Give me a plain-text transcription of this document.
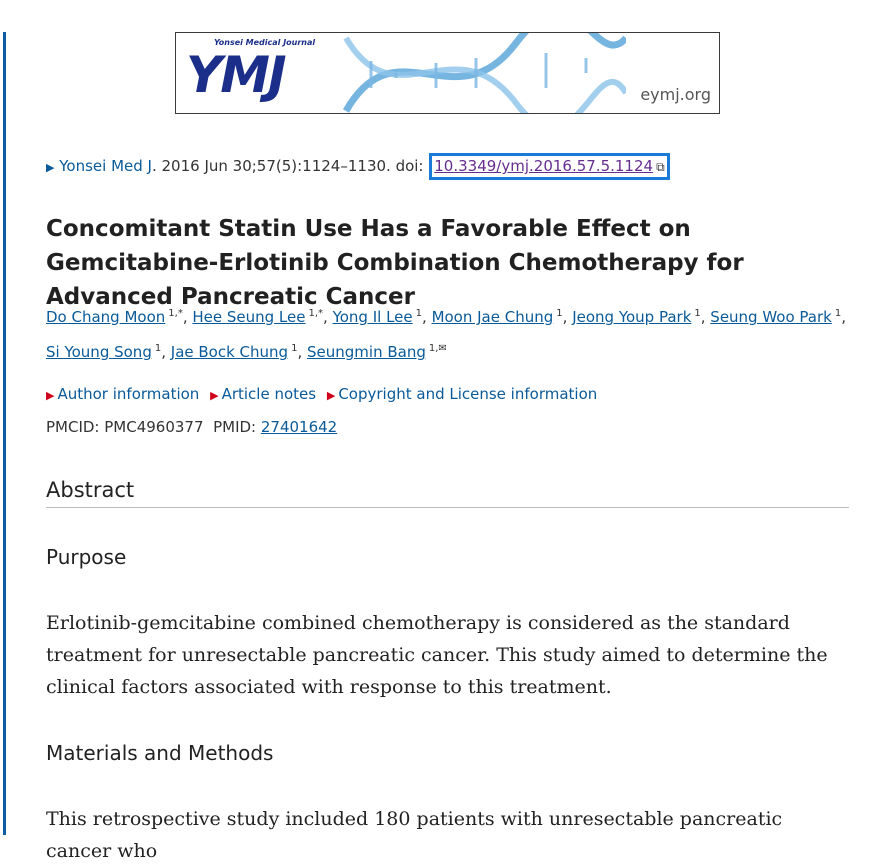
Yonsei Medical Journal
YMJ	eymj.org
▶ Yonsei Med J. 2016 Jun 30;57(5):1124–1130. doi: 10.3349/ymj.2016.57.5.1124 ⧉
Concomitant Statin Use Has a Favorable Effect on Gemcitabine-Erlotinib Combination Chemotherapy for Advanced Pancreatic Cancer
Do Chang Moon $^{1,*}$, Hee Seung Lee $^{1,*}$, Yong Il Lee $^1$, Moon Jae Chung $^1$, Jeong Youp Park $^1$, Seung Woo Park $^1$, Si Young Song $^1$, Jae Bock Chung $^1$, Seungmin Bang $^{1,✉}$
▶ Author information ▶ Article notes ▶ Copyright and License information
PMCID: PMC4960377 PMID: 27401642
Abstract
Purpose

Erlotinib-gemcitabine combined chemotherapy is considered as the standard treatment for unresectable pancreatic cancer. This study aimed to determine the clinical factors associated with response to this treatment.

Materials and Methods

This retrospective study included 180 patients with unresectable pancreatic cancer who
